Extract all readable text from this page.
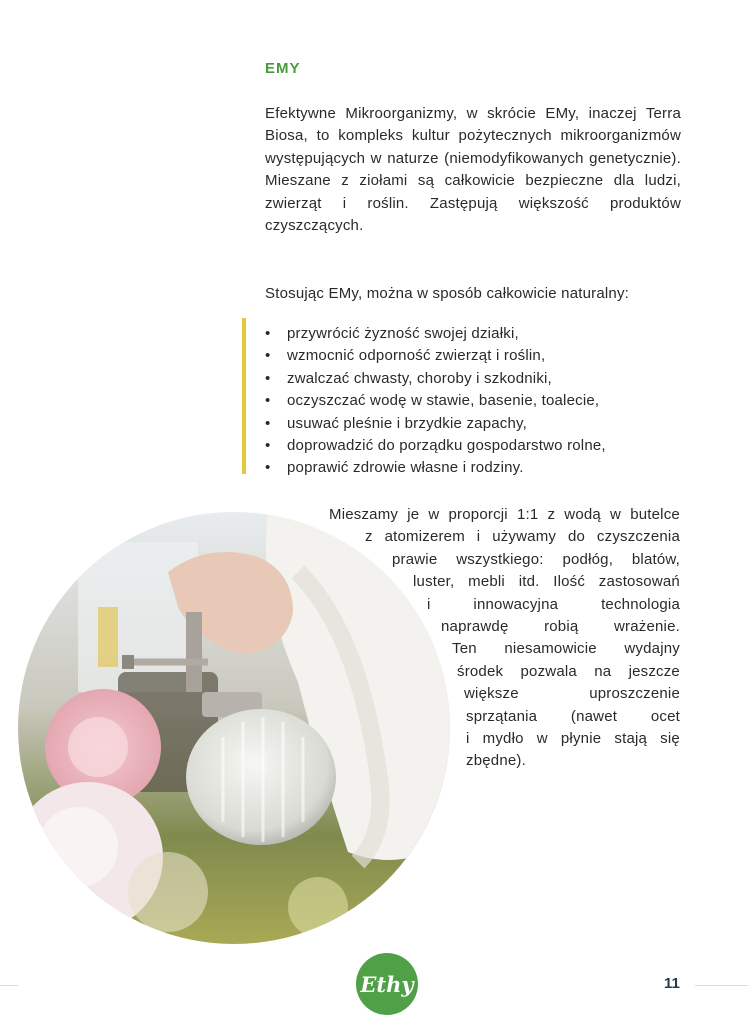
EMY
Efektywne Mikroorganizmy, w skrócie EMy, inaczej Terra Biosa, to kompleks kultur pożytecznych mikroorganizmów występujących w naturze (niemodyfikowanych genetycznie). Mieszane z ziołami są całkowicie bezpieczne dla ludzi, zwierząt i roślin. Zastępują większość produktów czyszczących.
Stosując EMy, można w sposób całkowicie naturalny:
• przywrócić żyzność swojej działki,
• wzmocnić odporność zwierząt i roślin,
• zwalczać chwasty, choroby i szkodniki,
• oczyszczać wodę w stawie, basenie, toalecie,
• usuwać pleśnie i brzydkie zapachy,
• doprowadzić do porządku gospodarstwo rolne,
• poprawić zdrowie własne i rodziny.
Mieszamy je w proporcji 1:1 z wodą w butelce
z atomizerem i używamy do czyszczenia
prawie wszystkiego: podłóg, blatów,
luster, mebli itd. Ilość zastosowań
i	innowacyjna	technologia
naprawdę robią wrażenie.
Ten niesamowicie wydajny
środek pozwala na jeszcze
większe	uproszczenie
sprzątania (nawet ocet
i mydło w płynie stają się
zbędne).
Ethy	11
